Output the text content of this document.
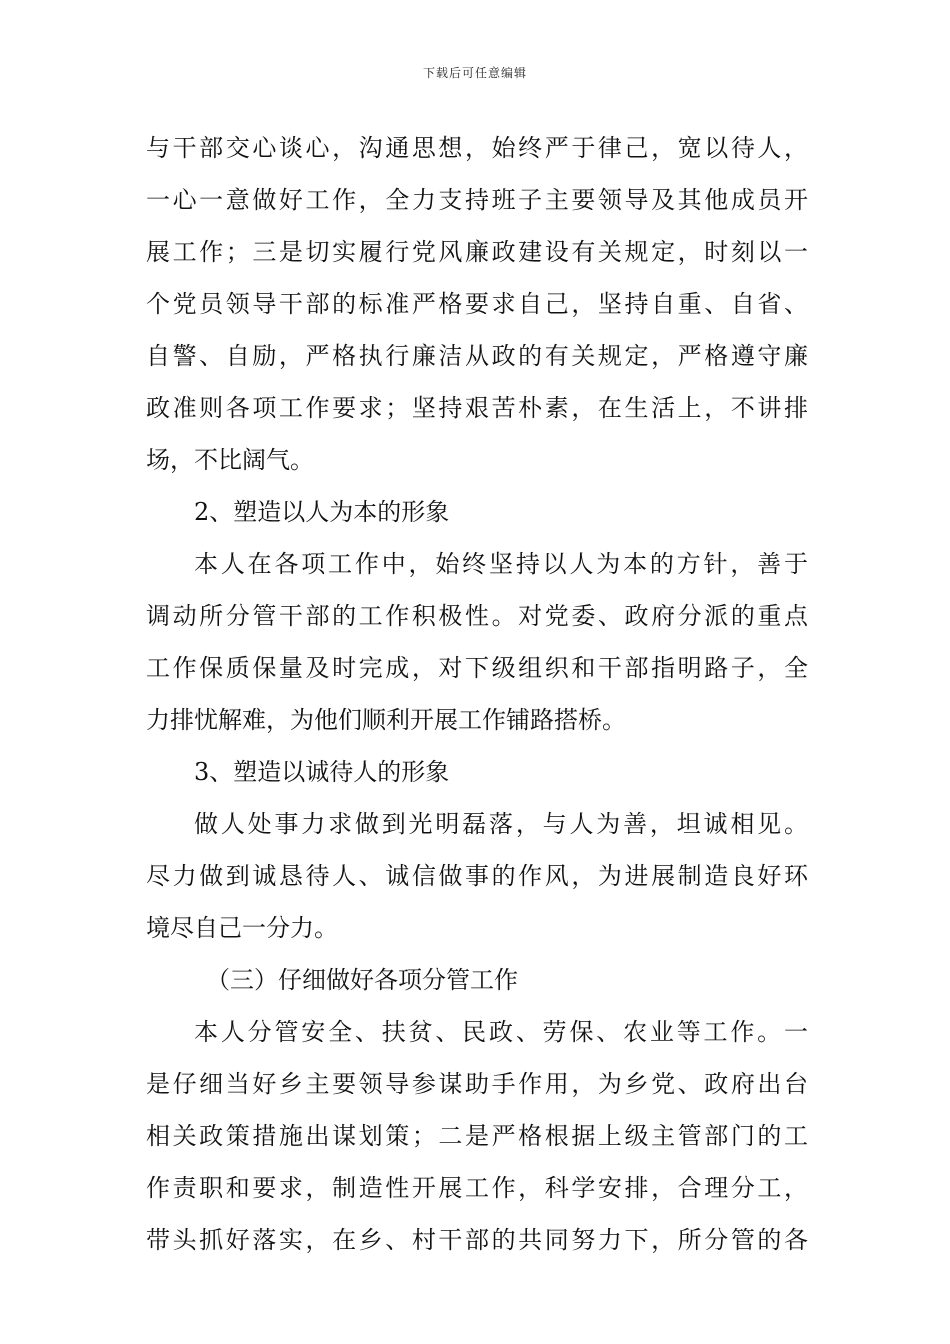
下载后可任意编辑
与干部交心谈心，沟通思想，始终严于律己，宽以待人，
一心一意做好工作，全力支持班子主要领导及其他成员开
展工作；三是切实履行党风廉政建设有关规定，时刻以一
个党员领导干部的标准严格要求自己，坚持自重、自省、
自警、自励，严格执行廉洁从政的有关规定，严格遵守廉
政准则各项工作要求；坚持艰苦朴素，在生活上，不讲排
场，不比阔气。
2、塑造以人为本的形象
本人在各项工作中，始终坚持以人为本的方针，善于
调动所分管干部的工作积极性。对党委、政府分派的重点
工作保质保量及时完成，对下级组织和干部指明路子，全
力排忧解难，为他们顺利开展工作铺路搭桥。
3、塑造以诚待人的形象
做人处事力求做到光明磊落，与人为善，坦诚相见。
尽力做到诚恳待人、诚信做事的作风，为进展制造良好环
境尽自己一分力。
（三）仔细做好各项分管工作
本人分管安全、扶贫、民政、劳保、农业等工作。一
是仔细当好乡主要领导参谋助手作用，为乡党、政府出台
相关政策措施出谋划策；二是严格根据上级主管部门的工
作责职和要求，制造性开展工作，科学安排，合理分工，
带头抓好落实，在乡、村干部的共同努力下，所分管的各
